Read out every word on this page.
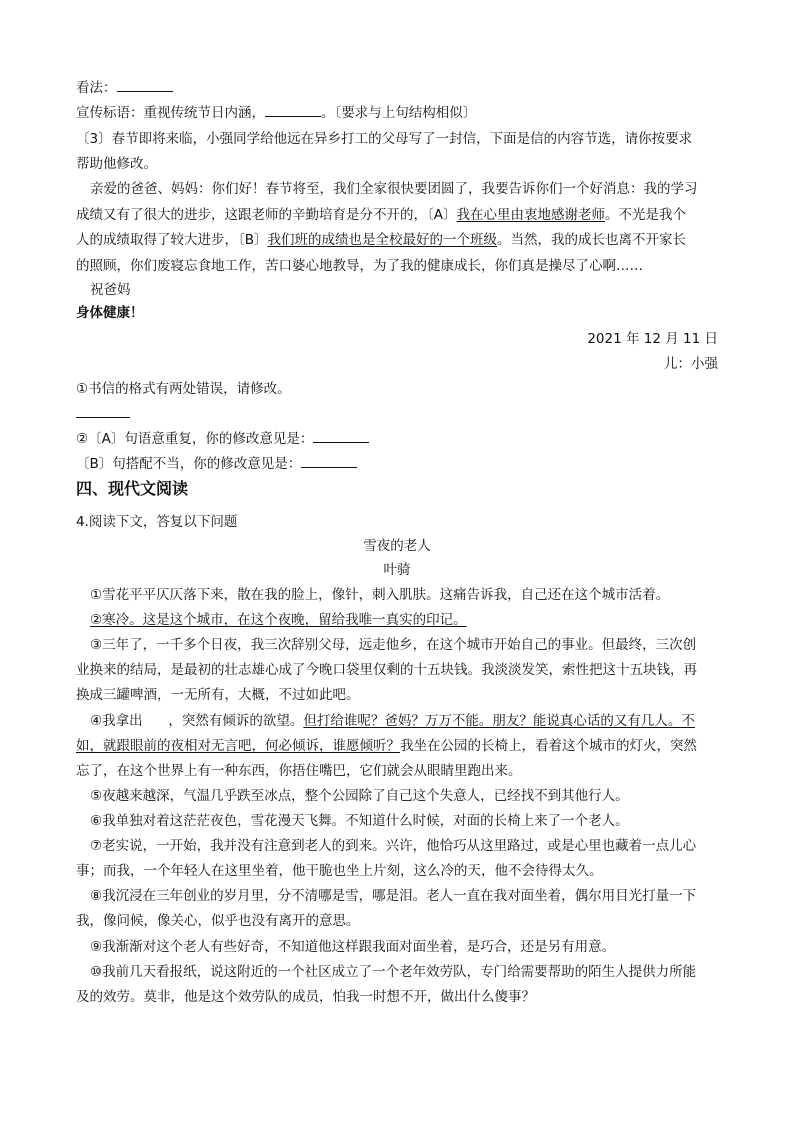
看法：
宣传标语：重视传统节日内涵，	。〔要求与上句结构相似〕
〔3〕春节即将来临，小强同学给他远在异乡打工的父母写了一封信，下面是信的内容节选，请你按要求
帮助他修改。
亲爱的爸爸、妈妈：你们好！春节将至，我们全家很快要团圆了，我要告诉你们一个好消息：我的学习
成绩又有了很大的进步，这跟老师的辛勤培育是分不开的，〔A〕我在心里由衷地感谢老师。不光是我个
人的成绩取得了较大进步，〔B〕我们班的成绩也是全校最好的一个班级。当然，我的成长也离不开家长
的照顾，你们废寝忘食地工作，苦口婆心地教导，为了我的健康成长，你们真是操尽了心啊……
祝爸妈
身体健康！
2021 年 12 月 11 日
儿：小强
①书信的格式有两处错误，请修改。
②〔A〕句语意重复，你的修改意见是：
〔B〕句搭配不当，你的修改意见是：
四、现代文阅读
4.阅读下文，答复以下问题
雪夜的老人
叶骑
①雪花平平仄仄落下来，散在我的脸上，像针，刺入肌肤。这痛告诉我，自己还在这个城市活着。
②寒冷。这是这个城市，在这个夜晚，留给我唯一真实的印记。
③三年了，一千多个日夜，我三次辞别父母，远走他乡，在这个城市开始自己的事业。但最终，三次创
业换来的结局，是最初的壮志雄心成了今晚口袋里仅剩的十五块钱。我淡淡发笑，索性把这十五块钱，再
换成三罐啤酒，一无所有，大概，不过如此吧。
④我拿出      ，突然有倾诉的欲望。但打给谁呢？爸妈？万万不能。朋友？能说真心话的又有几人。不
如，就跟眼前的夜相对无言吧，何必倾诉，谁愿倾听？我坐在公园的长椅上，看着这个城市的灯火，突然
忘了，在这个世界上有一种东西，你捂住嘴巴，它们就会从眼睛里跑出来。
⑤夜越来越深，气温几乎跌至冰点，整个公园除了自己这个失意人，已经找不到其他行人。
⑥我单独对着这茫茫夜色，雪花漫天飞舞。不知道什么时候，对面的长椅上来了一个老人。
⑦老实说，一开始，我并没有注意到老人的到来。兴许，他恰巧从这里路过，或是心里也藏着一点儿心
事；而我，一个年轻人在这里坐着，他干脆也坐上片刻，这么冷的天，他不会待得太久。
⑧我沉浸在三年创业的岁月里，分不清哪是雪，哪是泪。老人一直在我对面坐着，偶尔用目光打量一下
我，像问候，像关心，似乎也没有离开的意思。
⑨我渐渐对这个老人有些好奇，不知道他这样跟我面对面坐着，是巧合，还是另有用意。
⑩我前几天看报纸，说这附近的一个社区成立了一个老年效劳队，专门给需要帮助的陌生人提供力所能
及的效劳。莫非，他是这个效劳队的成员，怕我一时想不开，做出什么傻事？
